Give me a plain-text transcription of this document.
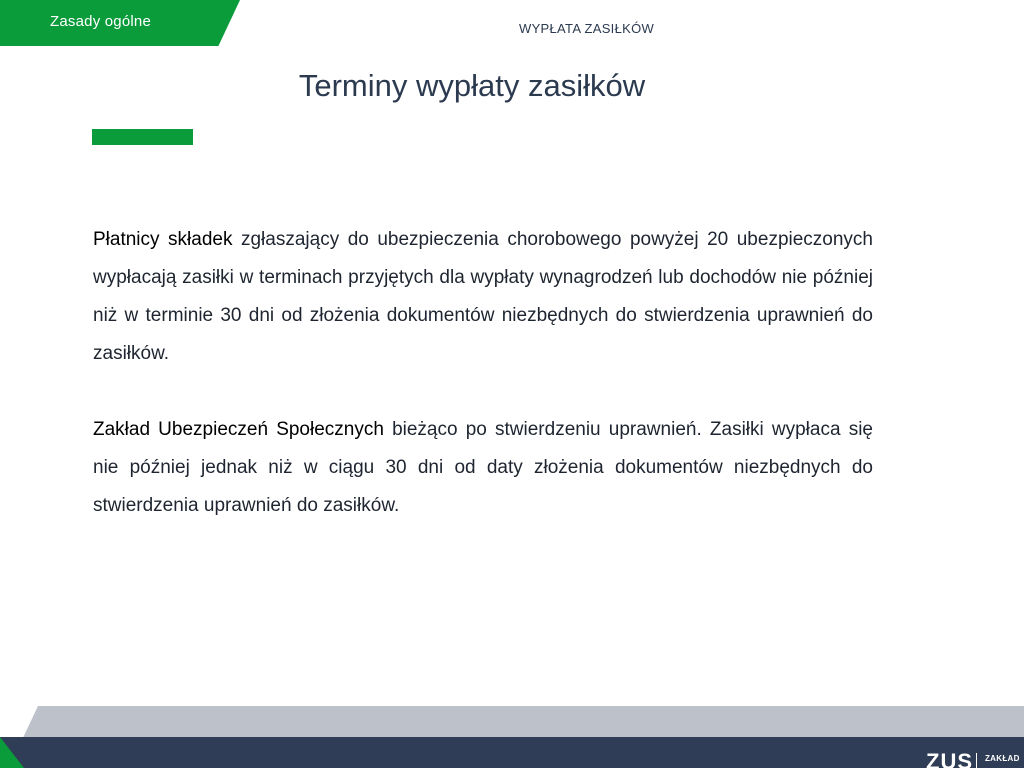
Zasady ogólne	WYPŁATA ZASIŁKÓW
Terminy wypłaty zasiłków

Płatnicy składek zgłaszający do ubezpieczenia chorobowego powyżej 20 ubezpieczonych wypłacają zasiłki w terminach przyjętych dla wypłaty wynagrodzeń lub dochodów nie później niż w terminie 30 dni od złożenia dokumentów niezbędnych do stwierdzenia uprawnień do zasiłków.

Zakład Ubezpieczeń Społecznych bieżąco po stwierdzeniu uprawnień. Zasiłki wypłaca się nie później jednak niż w ciągu 30 dni od daty złożenia dokumentów niezbędnych do stwierdzenia uprawnień do zasiłków.

ZUS ZAKŁAD
